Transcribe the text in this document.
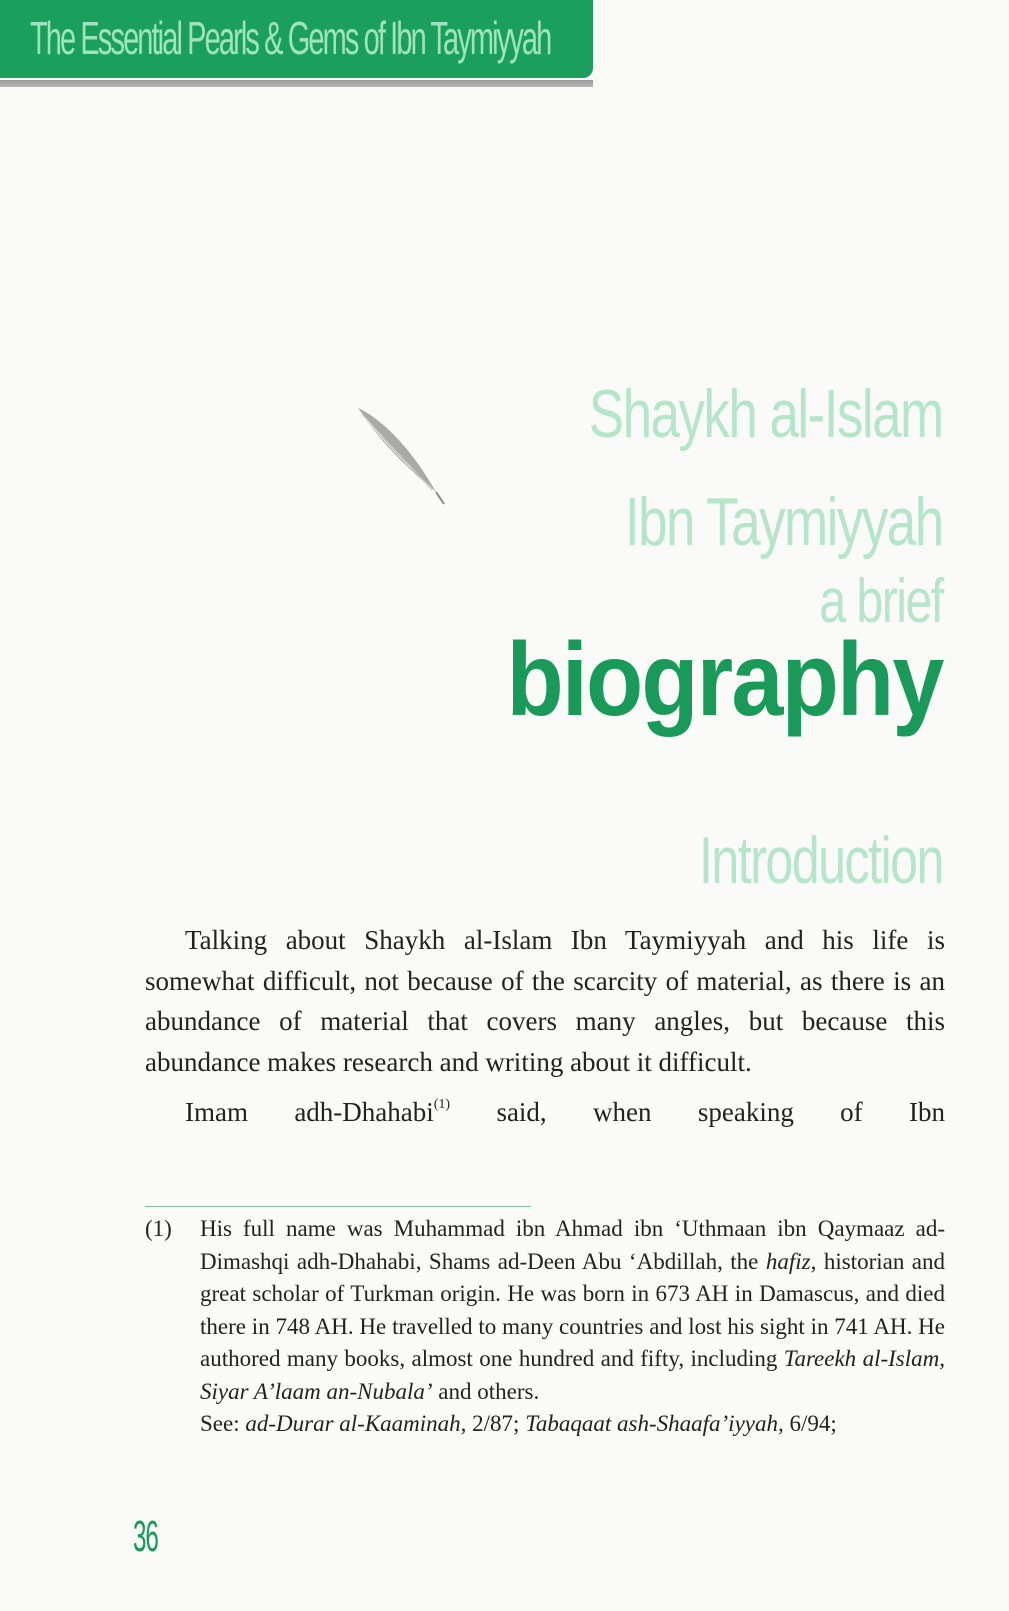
The Essential Pearls & Gems of Ibn Taymiyyah
Shaykh al-Islam
Ibn Taymiyyah
a brief
biography
Introduction

Talking about Shaykh al-Islam Ibn Taymiyyah and his life is somewhat difficult, not because of the scarcity of material, as there is an abundance of material that covers many angles, but because this abundance makes research and writing about it difficult.

Imam adh-Dhahabi$^{(1)}$ said, when speaking of Ibn

(1) His full name was Muhammad ibn Ahmad ibn ‘Uthmaan ibn Qaymaaz ad-Dimashqi adh-Dhahabi, Shams ad-Deen Abu ‘Abdillah, the hafiz, historian and great scholar of Turkman origin. He was born in 673 AH in Damascus, and died there in 748 AH. He travelled to many countries and lost his sight in 741 AH. He authored many books, almost one hundred and fifty, including Tareekh al-Islam, Siyar A’laam an-Nubala’ and others.
See: ad-Durar al-Kaaminah, 2/87; Tabaqaat ash-Shaafa’iyyah, 6/94;
36
